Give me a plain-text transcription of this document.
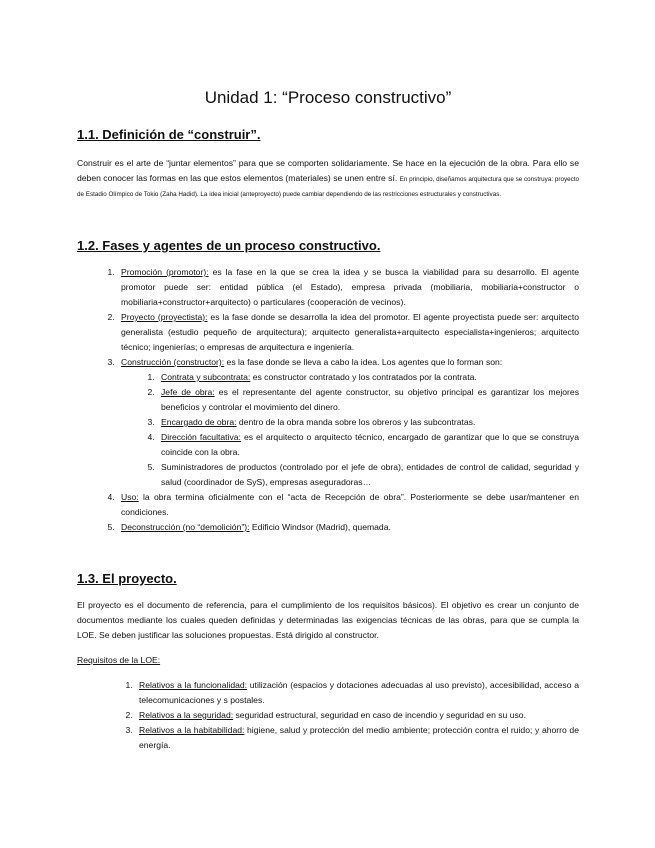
Unidad 1: “Proceso constructivo”
1.1. Definición de “construir”.

Construir es el arte de “juntar elementos” para que se comporten solidariamente. Se hace en la ejecución de la obra. Para ello se deben conocer las formas en las que estos elementos (materiales) se unen entre sí. En principio, diseñamos arquitectura que se construya: proyecto de Estadio Olímpico de Tokio (Zaha Hadid). La idea inicial (anteproyecto) puede cambiar dependiendo de las restricciones estructurales y constructivas.

1.2. Fases y agentes de un proceso constructivo.
1. Promoción (promotor): es la fase en la que se crea la idea y se busca la viabilidad para su desarrollo. El agente promotor puede ser: entidad pública (el Estado), empresa privada (mobiliaria, mobiliaria+constructor o mobiliaria+constructor+arquitecto) o particulares (cooperación de vecinos).
2. Proyecto (proyectista): es la fase donde se desarrolla la idea del promotor. El agente proyectista puede ser: arquitecto generalista (estudio pequeño de arquitectura); arquitecto generalista+arquitecto especialista+ingenieros; arquitecto técnico; ingenierías; o empresas de arquitectura e ingeniería.
3. Construcción (constructor): es la fase donde se lleva a cabo la idea. Los agentes que lo forman son:
1. Contrata y subcontrata: es constructor contratado y los contratados por la contrata.
2. Jefe de obra: es el representante del agente constructor, su objetivo principal es garantizar los mejores beneficios y controlar el movimiento del dinero.
3. Encargado de obra: dentro de la obra manda sobre los obreros y las subcontratas.
4. Dirección facultativa: es el arquitecto o arquitecto técnico, encargado de garantizar que lo que se construya coincide con la obra.
5. Suministradores de productos (controlado por el jefe de obra), entidades de control de calidad, seguridad y salud (coordinador de SyS), empresas aseguradoras…
4. Uso: la obra termina oficialmente con el “acta de Recepción de obra”. Posteriormente se debe usar/mantener en condiciones.
5. Deconstrucción (no “demolición”): Edificio Windsor (Madrid), quemada.
1.3. El proyecto.

El proyecto es el documento de referencia, para el cumplimiento de los requisitos básicos). El objetivo es crear un conjunto de documentos mediante los cuales queden definidas y determinadas las exigencias técnicas de las obras, para que se cumpla la LOE. Se deben justificar las soluciones propuestas. Está dirigido al constructor.

Requisitos de la LOE:

1. Relativos a la funcionalidad: utilización (espacios y dotaciones adecuadas al uso previsto), accesibilidad, acceso a telecomunicaciones y s postales.
2. Relativos a la seguridad: seguridad estructural, seguridad en caso de incendio y seguridad en su uso.
3. Relativos a la habitabilidad: higiene, salud y protección del medio ambiente; protección contra el ruido; y ahorro de energía.
